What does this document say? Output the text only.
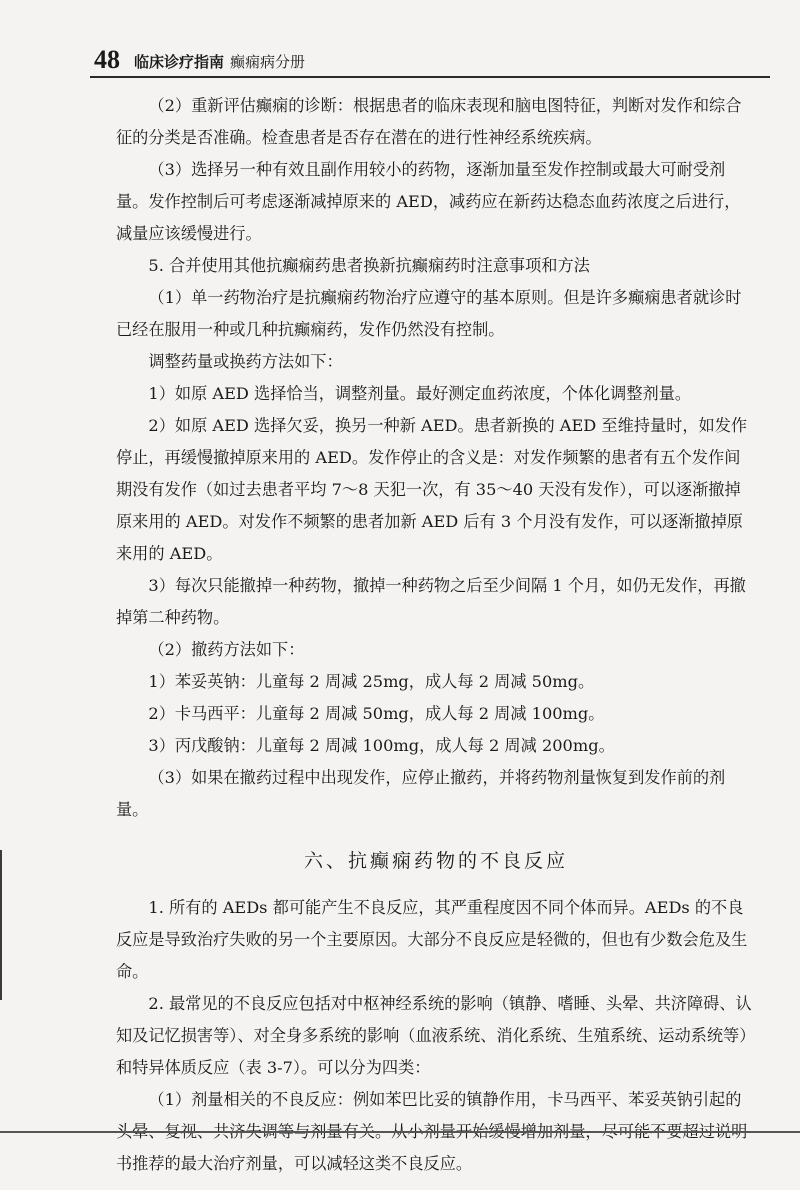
48 临床诊疗指南 癫痫病分册

（2）重新评估癫痫的诊断：根据患者的临床表现和脑电图特征，判断对发作和综合征的分类是否准确。检查患者是否存在潜在的进行性神经系统疾病。

（3）选择另一种有效且副作用较小的药物，逐渐加量至发作控制或最大可耐受剂量。发作控制后可考虑逐渐减掉原来的 AED，减药应在新药达稳态血药浓度之后进行，减量应该缓慢进行。

5. 合并使用其他抗癫痫药患者换新抗癫痫药时注意事项和方法

（1）单一药物治疗是抗癫痫药物治疗应遵守的基本原则。但是许多癫痫患者就诊时已经在服用一种或几种抗癫痫药，发作仍然没有控制。

调整药量或换药方法如下：

1）如原 AED 选择恰当，调整剂量。最好测定血药浓度，个体化调整剂量。

2）如原 AED 选择欠妥，换另一种新 AED。患者新换的 AED 至维持量时，如发作停止，再缓慢撤掉原来用的 AED。发作停止的含义是：对发作频繁的患者有五个发作间期没有发作（如过去患者平均 7～8 天犯一次，有 35～40 天没有发作），可以逐渐撤掉原来用的 AED。对发作不频繁的患者加新 AED 后有 3 个月没有发作，可以逐渐撤掉原来用的 AED。

3）每次只能撤掉一种药物，撤掉一种药物之后至少间隔 1 个月，如仍无发作，再撤掉第二种药物。

（2）撤药方法如下：

1）苯妥英钠：儿童每 2 周减 25mg，成人每 2 周减 50mg。

2）卡马西平：儿童每 2 周减 50mg，成人每 2 周减 100mg。

3）丙戊酸钠：儿童每 2 周减 100mg，成人每 2 周减 200mg。

（3）如果在撤药过程中出现发作，应停止撤药，并将药物剂量恢复到发作前的剂量。

六、抗癫痫药物的不良反应

1. 所有的 AEDs 都可能产生不良反应，其严重程度因不同个体而异。AEDs 的不良反应是导致治疗失败的另一个主要原因。大部分不良反应是轻微的，但也有少数会危及生命。

2. 最常见的不良反应包括对中枢神经系统的影响（镇静、嗜睡、头晕、共济障碍、认知及记忆损害等）、对全身多系统的影响（血液系统、消化系统、生殖系统、运动系统等）和特异体质反应（表 3-7）。可以分为四类：

（1）剂量相关的不良反应：例如苯巴比妥的镇静作用，卡马西平、苯妥英钠引起的头晕、复视、共济失调等与剂量有关。从小剂量开始缓慢增加剂量，尽可能不要超过说明书推荐的最大治疗剂量，可以减轻这类不良反应。
